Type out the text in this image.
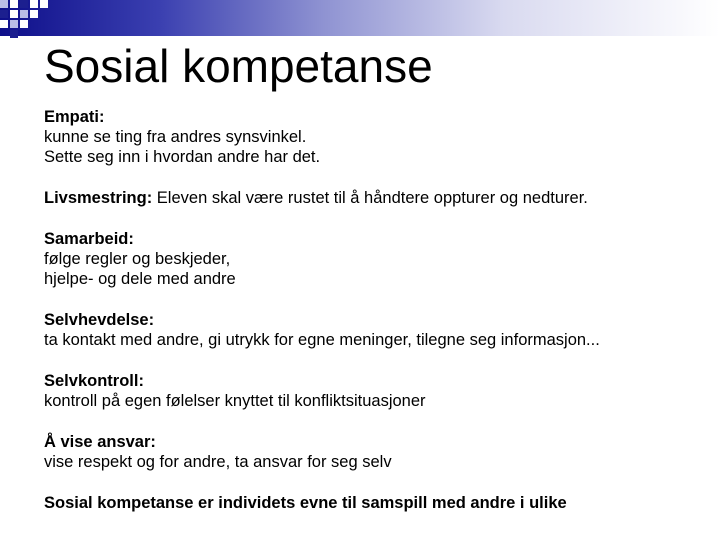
Sosial kompetanse

Empati:

kunne se ting fra andres synsvinkel.

Sette seg inn i hvordan andre har det.

Livsmestring: Eleven skal være rustet til å håndtere oppturer og nedturer.

Samarbeid:

følge regler og beskjeder,

hjelpe- og dele med andre

Selvhevdelse:

ta kontakt med andre, gi utrykk for egne meninger, tilegne seg informasjon...

Selvkontroll:

kontroll på egen følelser knyttet til konfliktsituasjoner

Å vise ansvar:

vise respekt og for andre, ta ansvar for seg selv

Sosial kompetanse er individets evne til samspill med andre i ulike
